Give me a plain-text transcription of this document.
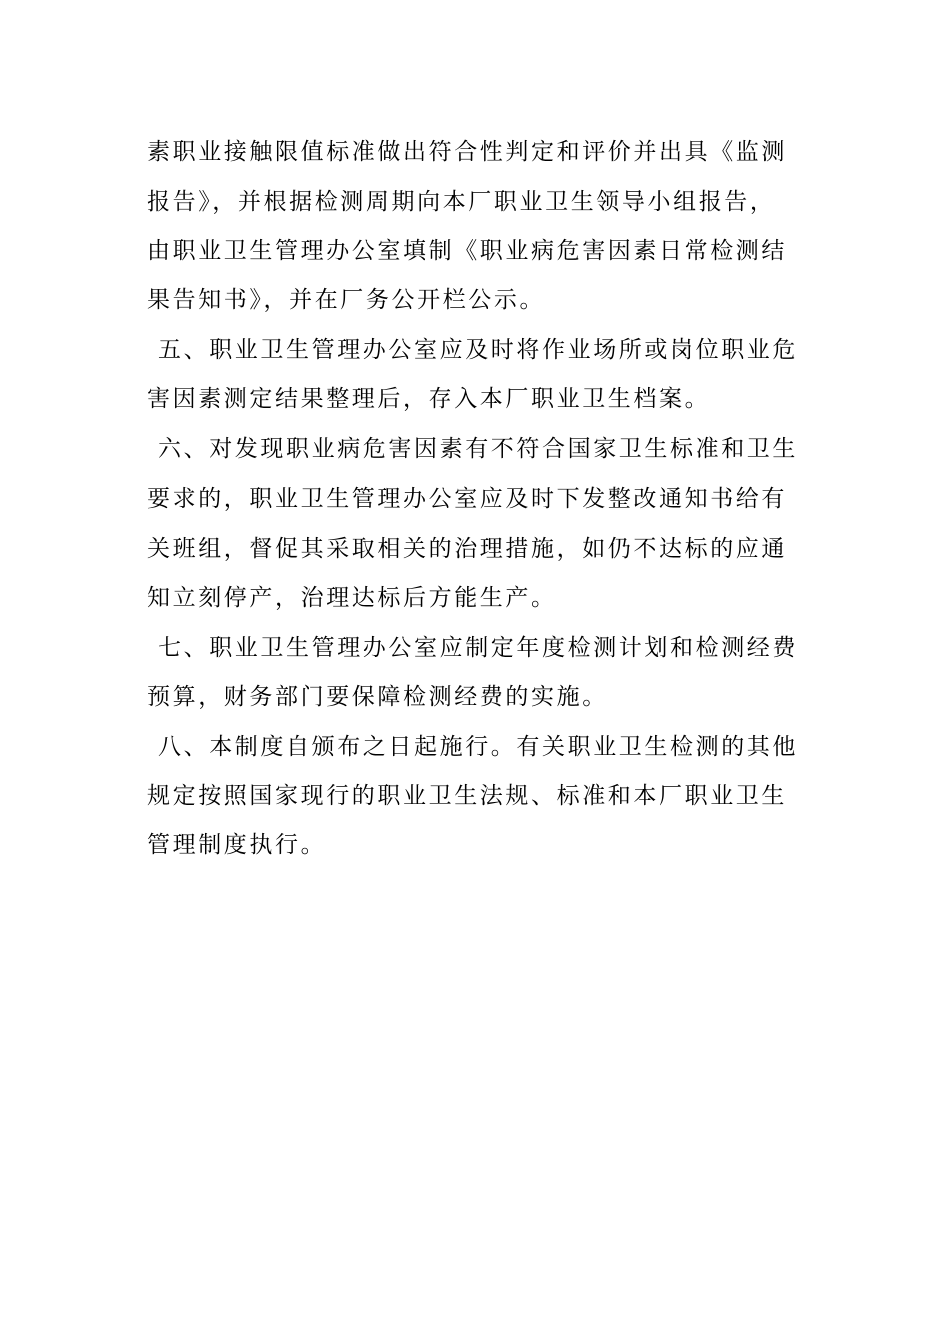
素职业接触限值标准做出符合性判定和评价并出具《监测
报告》，并根据检测周期向本厂职业卫生领导小组报告，
由职业卫生管理办公室填制《职业病危害因素日常检测结
果告知书》，并在厂务公开栏公示。
五、职业卫生管理办公室应及时将作业场所或岗位职业危
害因素测定结果整理后，存入本厂职业卫生档案。
六、对发现职业病危害因素有不符合国家卫生标准和卫生
要求的，职业卫生管理办公室应及时下发整改通知书给有
关班组，督促其采取相关的治理措施，如仍不达标的应通
知立刻停产，治理达标后方能生产。
七、职业卫生管理办公室应制定年度检测计划和检测经费
预算，财务部门要保障检测经费的实施。
八、本制度自颁布之日起施行。有关职业卫生检测的其他
规定按照国家现行的职业卫生法规、标准和本厂职业卫生
管理制度执行。
